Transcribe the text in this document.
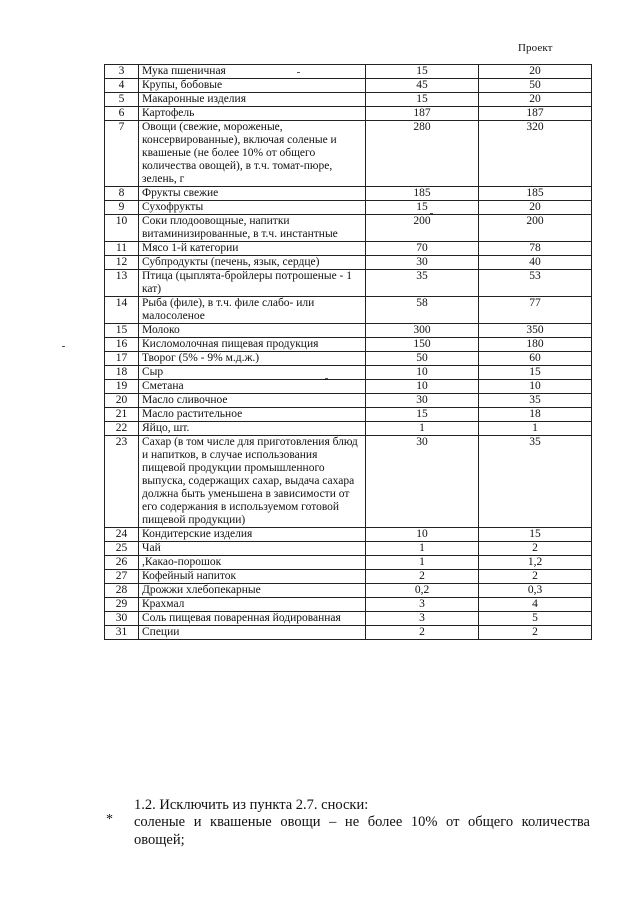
Проект
3	Мука пшеничная	15	20
4	Крупы, бобовые	45	50
5	Макаронные изделия	15	20
6	Картофель	187	187
7	Овощи (свежие, мороженые, консервированные), включая соленые и квашеные (не более 10% от общего количества овощей), в т.ч. томат-пюре, зелень, г	280	320
8	Фрукты свежие	185	185
9	Сухофрукты	15	20
10	Соки плодоовощные, напитки витаминизированные, в т.ч. инстантные	200	200
11	Мясо 1-й категории	70	78
12	Субпродукты (печень, язык, сердце)	30	40
13	Птица (цыплята-бройлеры потрошеные - 1 кат)	35	53
14	Рыба (филе), в т.ч. филе слабо- или малосоленое	58	77
15	Молоко	300	350
16	Кисломолочная пищевая продукция	150	180
17	Творог (5% - 9% м.д.ж.)	50	60
18	Сыр	10	15
19	Сметана	10	10
20	Масло сливочное	30	35
21	Масло растительное	15	18
22	Яйцо, шт.	1	1
23	Сахар (в том числе для приготовления блюд и напитков, в случае использования пищевой продукции промышленного выпуска, содержащих сахар, выдача сахара должна быть уменьшена в зависимости от его содержания в используемом готовой пищевой продукции)	30	35
24	Кондитерские изделия	10	15
25	Чай	1	2
26	,Какао-порошок	1	1,2
27	Кофейный напиток	2	2
28	Дрожжи хлебопекарные	0,2	0,3
29	Крахмал	3	4
30	Соль пищевая поваренная йодированная	3	5
31	Специи	2	2
1.2. Исключить из пункта 2.7. сноски:
* соленые и квашеные овощи – не более 10% от общего количества овощей;
